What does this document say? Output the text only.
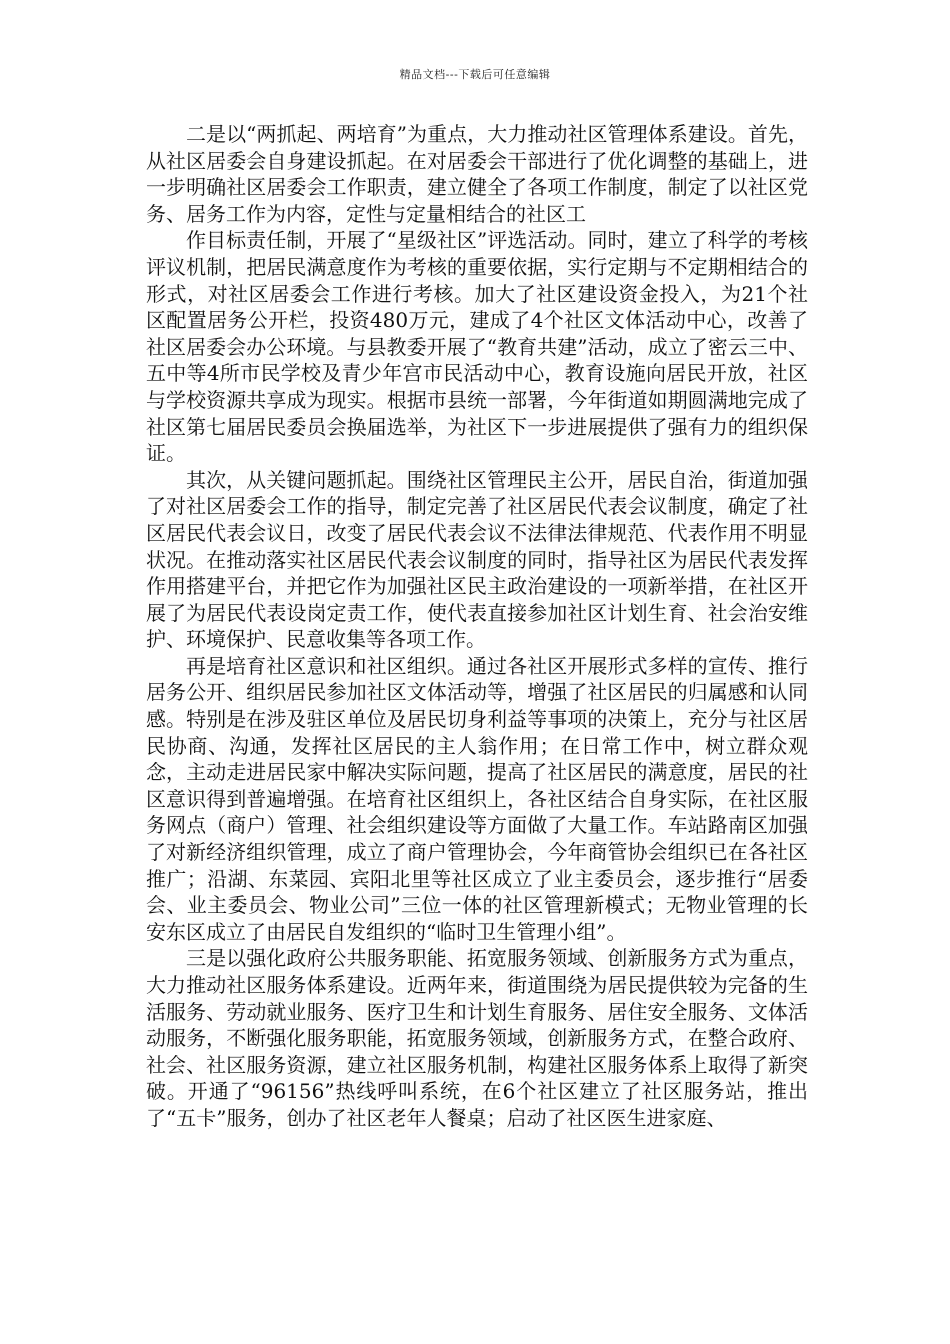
精品文档---下载后可任意编辑

二是以“两抓起、两培育”为重点，大力推动社区管理体系建设。首先，从社区居委会自身建设抓起。在对居委会干部进行了优化调整的基础上，进一步明确社区居委会工作职责，建立健全了各项工作制度，制定了以社区党务、居务工作为内容，定性与定量相结合的社区工

作目标责任制，开展了“星级社区”评选活动。同时，建立了科学的考核评议机制，把居民满意度作为考核的重要依据，实行定期与不定期相结合的形式，对社区居委会工作进行考核。加大了社区建设资金投入，为21个社区配置居务公开栏，投资480万元，建成了4个社区文体活动中心，改善了社区居委会办公环境。与县教委开展了“教育共建”活动，成立了密云三中、五中等4所市民学校及青少年宫市民活动中心，教育设施向居民开放，社区与学校资源共享成为现实。根据市县统一部署，今年街道如期圆满地完成了社区第七届居民委员会换届选举，为社区下一步进展提供了强有力的组织保证。

其次，从关键问题抓起。围绕社区管理民主公开，居民自治，街道加强了对社区居委会工作的指导，制定完善了社区居民代表会议制度，确定了社区居民代表会议日，改变了居民代表会议不法律法律规范、代表作用不明显状况。在推动落实社区居民代表会议制度的同时，指导社区为居民代表发挥作用搭建平台，并把它作为加强社区民主政治建设的一项新举措，在社区开展了为居民代表设岗定责工作，使代表直接参加社区计划生育、社会治安维护、环境保护、民意收集等各项工作。

再是培育社区意识和社区组织。通过各社区开展形式多样的宣传、推行居务公开、组织居民参加社区文体活动等，增强了社区居民的归属感和认同感。特别是在涉及驻区单位及居民切身利益等事项的决策上，充分与社区居民协商、沟通，发挥社区居民的主人翁作用；在日常工作中，树立群众观念，主动走进居民家中解决实际问题，提高了社区居民的满意度，居民的社区意识得到普遍增强。在培育社区组织上，各社区结合自身实际，在社区服务网点（商户）管理、社会组织建设等方面做了大量工作。车站路南区加强了对新经济组织管理，成立了商户管理协会，今年商管协会组织已在各社区推广；沿湖、东菜园、宾阳北里等社区成立了业主委员会，逐步推行“居委会、业主委员会、物业公司”三位一体的社区管理新模式；无物业管理的长安东区成立了由居民自发组织的“临时卫生管理小组”。

三是以强化政府公共服务职能、拓宽服务领域、创新服务方式为重点，大力推动社区服务体系建设。近两年来，街道围绕为居民提供较为完备的生活服务、劳动就业服务、医疗卫生和计划生育服务、居住安全服务、文体活动服务，不断强化服务职能，拓宽服务领域，创新服务方式，在整合政府、社会、社区服务资源，建立社区服务机制，构建社区服务体系上取得了新突破。开通了“96156”热线呼叫系统，在6个社区建立了社区服务站，推出了“五卡”服务，创办了社区老年人餐桌；启动了社区医生进家庭、
